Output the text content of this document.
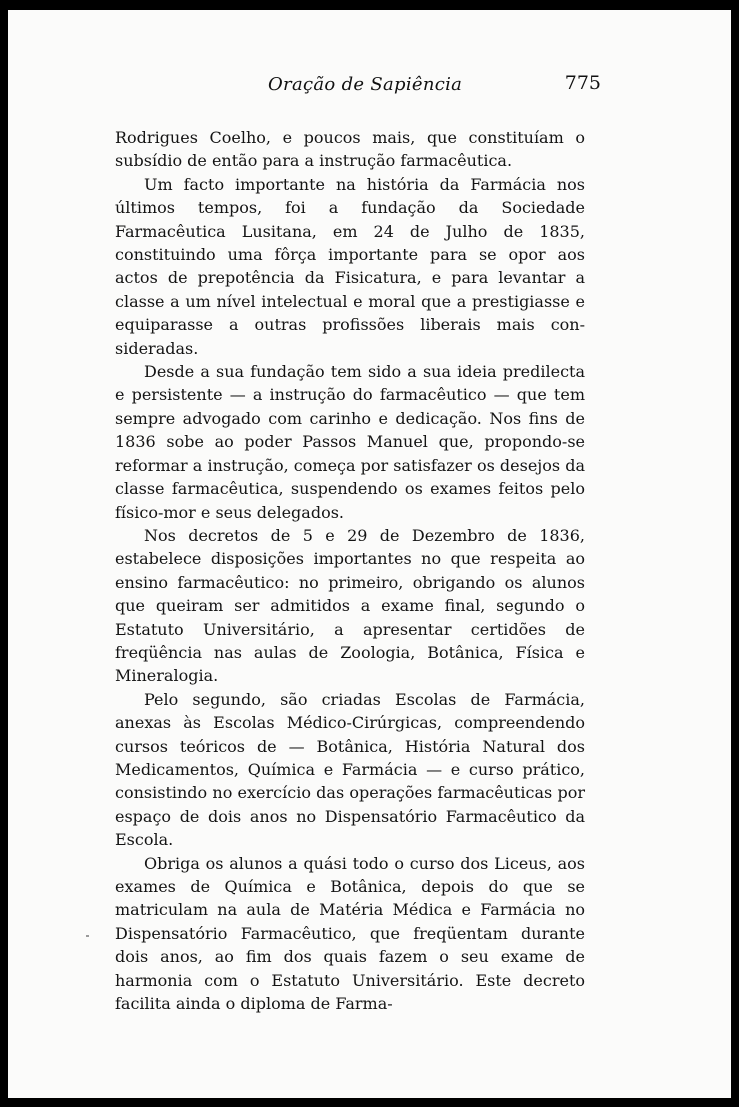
Oração de Sapiência	775

Rodrigues Coelho, e poucos mais, que constituíam o subsídio de então para a instrução farmacêutica.

Um facto importante na história da Farmácia nos últimos tempos, foi a fundação da Sociedade Farmacêutica Lusitana, em 24 de Julho de 1835, constituindo uma fôrça importante para se opor aos actos de prepotência da Fisicatura, e para levantar a classe a um nível intelectual e moral que a prestigiasse e equiparasse a outras profissões liberais mais consideradas.

Desde a sua fundação tem sido a sua ideia predilecta e persistente — a instrução do farmacêutico — que tem sempre advogado com carinho e dedicação. Nos fins de 1836 sobe ao poder Passos Manuel que, propondo-se reformar a instrução, começa por satisfazer os desejos da classe farmacêutica, suspendendo os exames feitos pelo físico-mor e seus delegados.

Nos decretos de 5 e 29 de Dezembro de 1836, estabelece disposições importantes no que respeita ao ensino farmacêutico: no primeiro, obrigando os alunos que queiram ser admitidos a exame final, segundo o Estatuto Universitário, a apresentar certidões de freqüência nas aulas de Zoologia, Botânica, Física e Mineralogia.

Pelo segundo, são criadas Escolas de Farmácia, anexas às Escolas Médico-Cirúrgicas, compreendendo cursos teóricos de — Botânica, História Natural dos Medicamentos, Química e Farmácia — e curso prático, consistindo no exercício das operações farmacêuticas por espaço de dois anos no Dispensatório Farmacêutico da Escola.

Obriga os alunos a quási todo o curso dos Liceus, aos exames de Química e Botânica, depois do que se matriculam na aula de Matéria Médica e Farmácia no Dispensatório Farmacêutico, que freqüentam durante dois anos, ao fim dos quais fazem o seu exame de harmonia com o Estatuto Universitário. Este decreto facilita ainda o diploma de Farma-
